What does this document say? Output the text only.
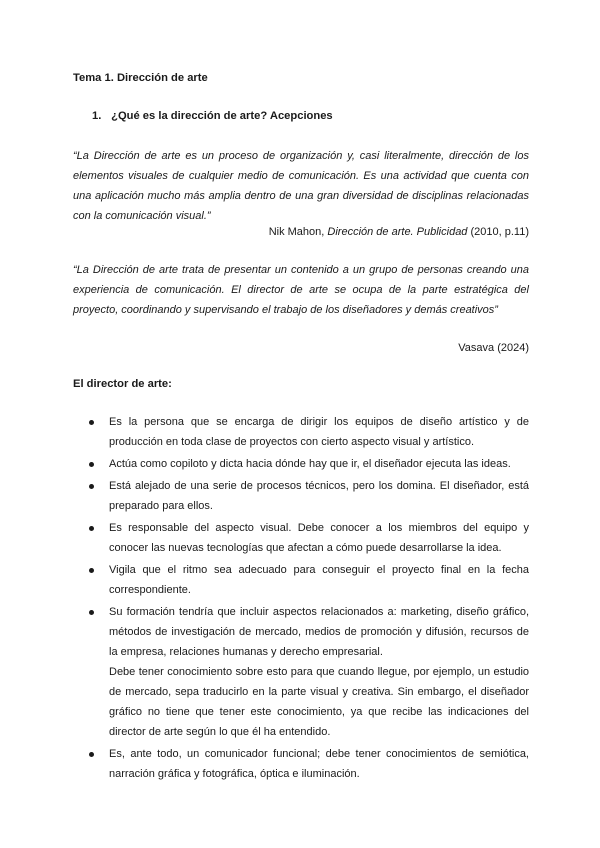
Tema 1. Dirección de arte
1. ¿Qué es la dirección de arte? Acepciones
“La Dirección de arte es un proceso de organización y, casi literalmente, dirección de los elementos visuales de cualquier medio de comunicación. Es una actividad que cuenta con una aplicación mucho más amplia dentro de una gran diversidad de disciplinas relacionadas con la comunicación visual.”
Nik Mahon, Dirección de arte. Publicidad (2010, p.11)
“La Dirección de arte trata de presentar un contenido a un grupo de personas creando una experiencia de comunicación. El director de arte se ocupa de la parte estratégica del proyecto, coordinando y supervisando el trabajo de los diseñadores y demás creativos”
Vasava (2024)
El director de arte:
Es la persona que se encarga de dirigir los equipos de diseño artístico y de producción en toda clase de proyectos con cierto aspecto visual y artístico.
Actúa como copiloto y dicta hacia dónde hay que ir, el diseñador ejecuta las ideas.
Está alejado de una serie de procesos técnicos, pero los domina. El diseñador, está preparado para ellos.
Es responsable del aspecto visual. Debe conocer a los miembros del equipo y conocer las nuevas tecnologías que afectan a cómo puede desarrollarse la idea.
Vigila que el ritmo sea adecuado para conseguir el proyecto final en la fecha correspondiente.
Su formación tendría que incluir aspectos relacionados a: marketing, diseño gráfico, métodos de investigación de mercado, medios de promoción y difusión, recursos de la empresa, relaciones humanas y derecho empresarial.
Debe tener conocimiento sobre esto para que cuando llegue, por ejemplo, un estudio de mercado, sepa traducirlo en la parte visual y creativa. Sin embargo, el diseñador gráfico no tiene que tener este conocimiento, ya que recibe las indicaciones del director de arte según lo que él ha entendido.
Es, ante todo, un comunicador funcional; debe tener conocimientos de semiótica, narración gráfica y fotográfica, óptica e iluminación.
